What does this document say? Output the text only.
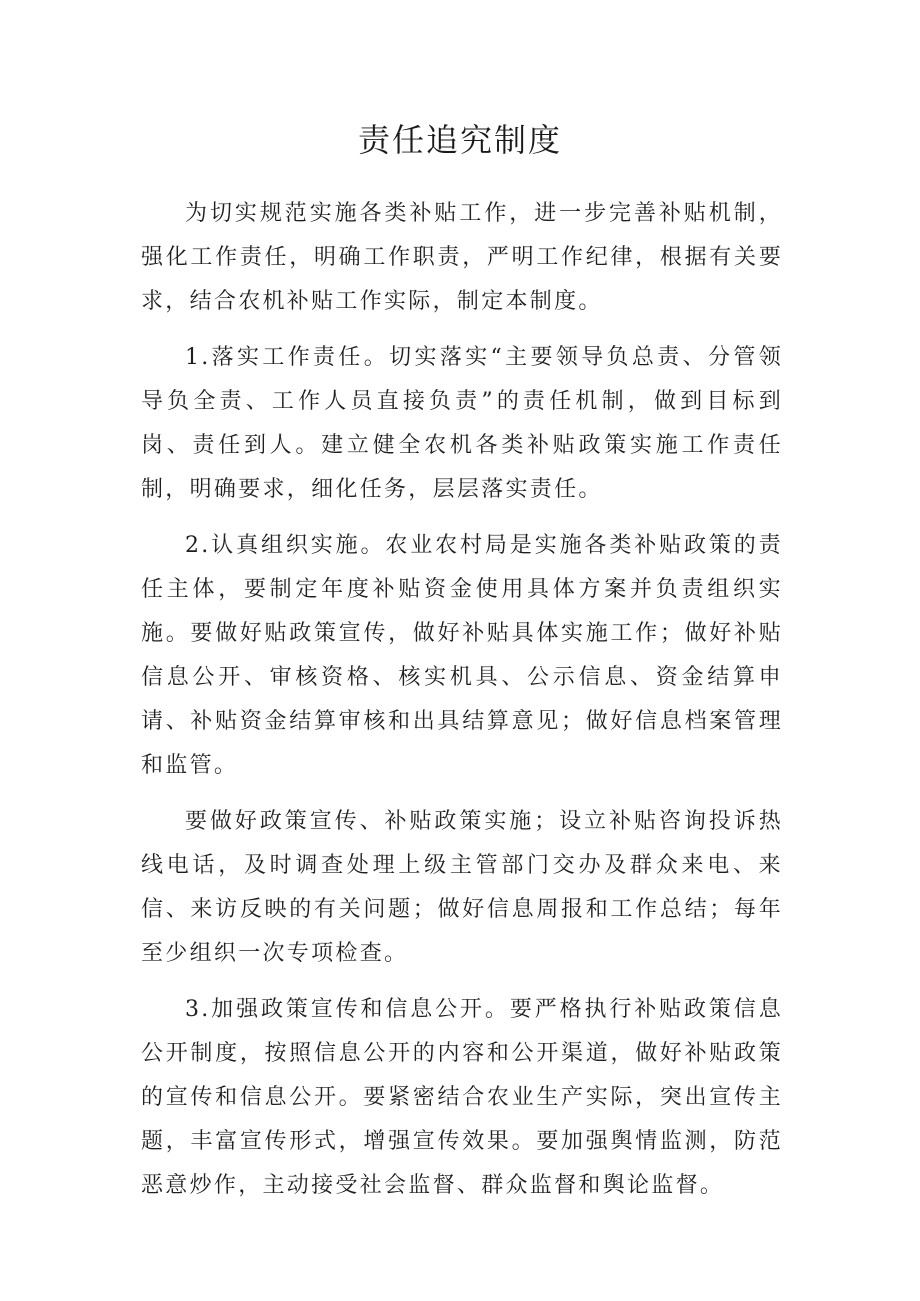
责任追究制度

为切实规范实施各类补贴工作，进一步完善补贴机制，强化工作责任，明确工作职责，严明工作纪律，根据有关要求，结合农机补贴工作实际，制定本制度。

1.落实工作责任。切实落实“主要领导负总责、分管领导负全责、工作人员直接负责”的责任机制，做到目标到岗、责任到人。建立健全农机各类补贴政策实施工作责任制，明确要求，细化任务，层层落实责任。

2.认真组织实施。农业农村局是实施各类补贴政策的责任主体，要制定年度补贴资金使用具体方案并负责组织实施。要做好贴政策宣传，做好补贴具体实施工作；做好补贴信息公开、审核资格、核实机具、公示信息、资金结算申请、补贴资金结算审核和出具结算意见；做好信息档案管理和监管。

要做好政策宣传、补贴政策实施；设立补贴咨询投诉热线电话，及时调查处理上级主管部门交办及群众来电、来信、来访反映的有关问题；做好信息周报和工作总结；每年至少组织一次专项检查。

3.加强政策宣传和信息公开。要严格执行补贴政策信息公开制度，按照信息公开的内容和公开渠道，做好补贴政策的宣传和信息公开。要紧密结合农业生产实际，突出宣传主题，丰富宣传形式，增强宣传效果。要加强舆情监测，防范恶意炒作，主动接受社会监督、群众监督和舆论监督。
